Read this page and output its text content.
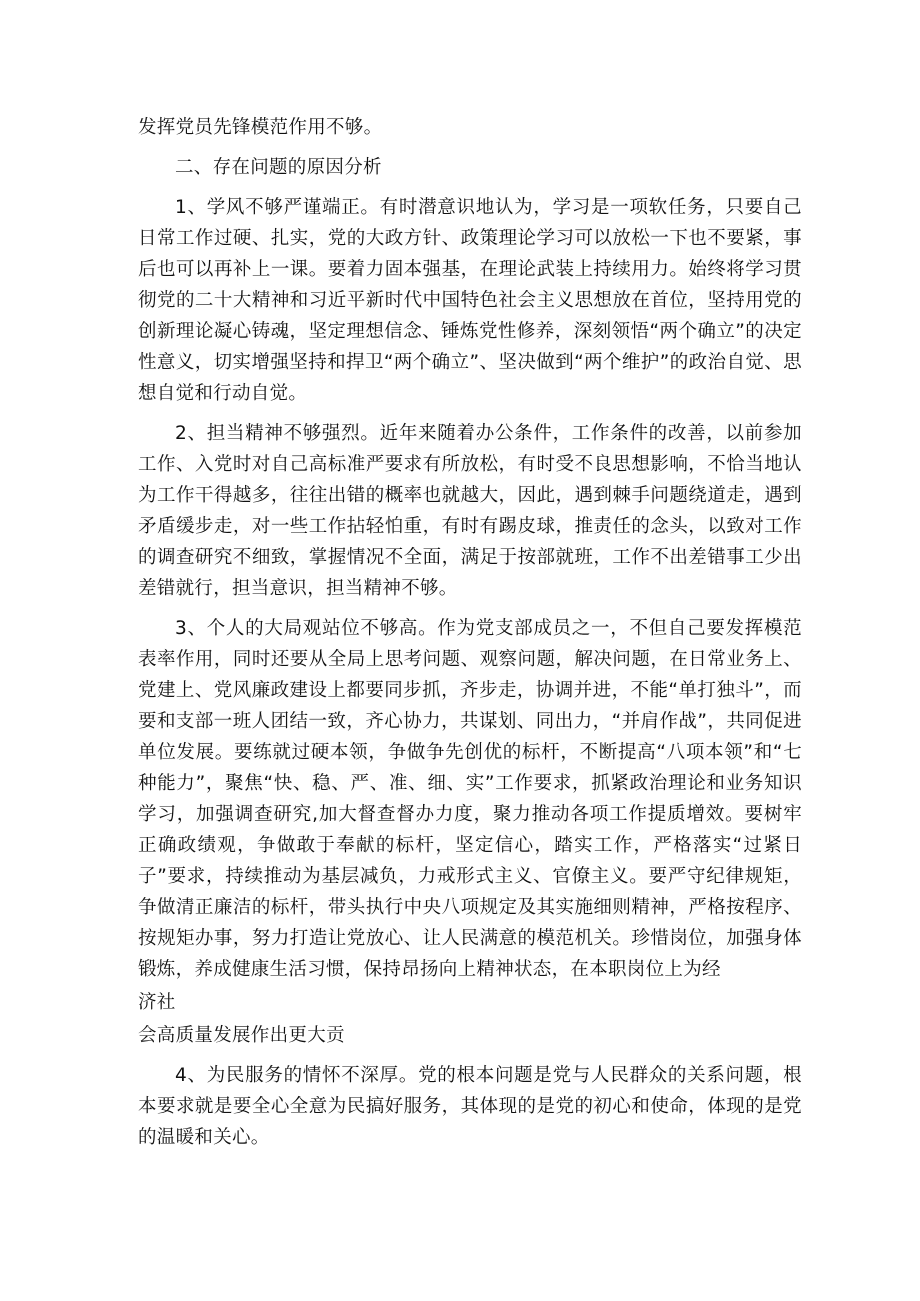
发挥党员先锋模范作用不够。

二、存在问题的原因分析

1、学风不够严谨端正。有时潜意识地认为，学习是一项软任务，只要自己日常工作过硬、扎实，党的大政方针、政策理论学习可以放松一下也不要紧，事后也可以再补上一课。要着力固本强基，在理论武装上持续用力。始终将学习贯彻党的二十大精神和习近平新时代中国特色社会主义思想放在首位，坚持用党的创新理论凝心铸魂，坚定理想信念、锤炼党性修养，深刻领悟“两个确立”的决定性意义，切实增强坚持和捍卫“两个确立”、坚决做到“两个维护”的政治自觉、思想自觉和行动自觉。

2、担当精神不够强烈。近年来随着办公条件，工作条件的改善，以前参加工作、入党时对自己高标准严要求有所放松，有时受不良思想影响，不恰当地认为工作干得越多，往往出错的概率也就越大，因此，遇到棘手问题绕道走，遇到矛盾缓步走，对一些工作拈轻怕重，有时有踢皮球，推责任的念头，以致对工作的调查研究不细致，掌握情况不全面，满足于按部就班，工作不出差错事工少出差错就行，担当意识，担当精神不够。

3、个人的大局观站位不够高。作为党支部成员之一，不但自己要发挥模范表率作用，同时还要从全局上思考问题、观察问题，解决问题，在日常业务上、党建上、党风廉政建设上都要同步抓，齐步走，协调并进，不能“单打独斗”，而要和支部一班人团结一致，齐心协力，共谋划、同出力，“并肩作战”，共同促进单位发展。要练就过硬本领，争做争先创优的标杆，不断提高“八项本领”和“七种能力”，聚焦“快、稳、严、准、细、实”工作要求，抓紧政治理论和业务知识学习，加强调查研究,加大督查督办力度，聚力推动各项工作提质增效。要树牢正确政绩观，争做敢于奉献的标杆，坚定信心，踏实工作，严格落实“过紧日子”要求，持续推动为基层减负，力戒形式主义、官僚主义。要严守纪律规矩，争做清正廉洁的标杆，带头执行中央八项规定及其实施细则精神，严格按程序、按规矩办事，努力打造让党放心、让人民满意的模范机关。珍惜岗位，加强身体锻炼，养成健康生活习惯，保持昂扬向上精神状态，在本职岗位上为经

济社

会高质量发展作出更大贡

4、为民服务的情怀不深厚。党的根本问题是党与人民群众的关系问题，根本要求就是要全心全意为民搞好服务，其体现的是党的初心和使命，体现的是党的温暖和关心。
